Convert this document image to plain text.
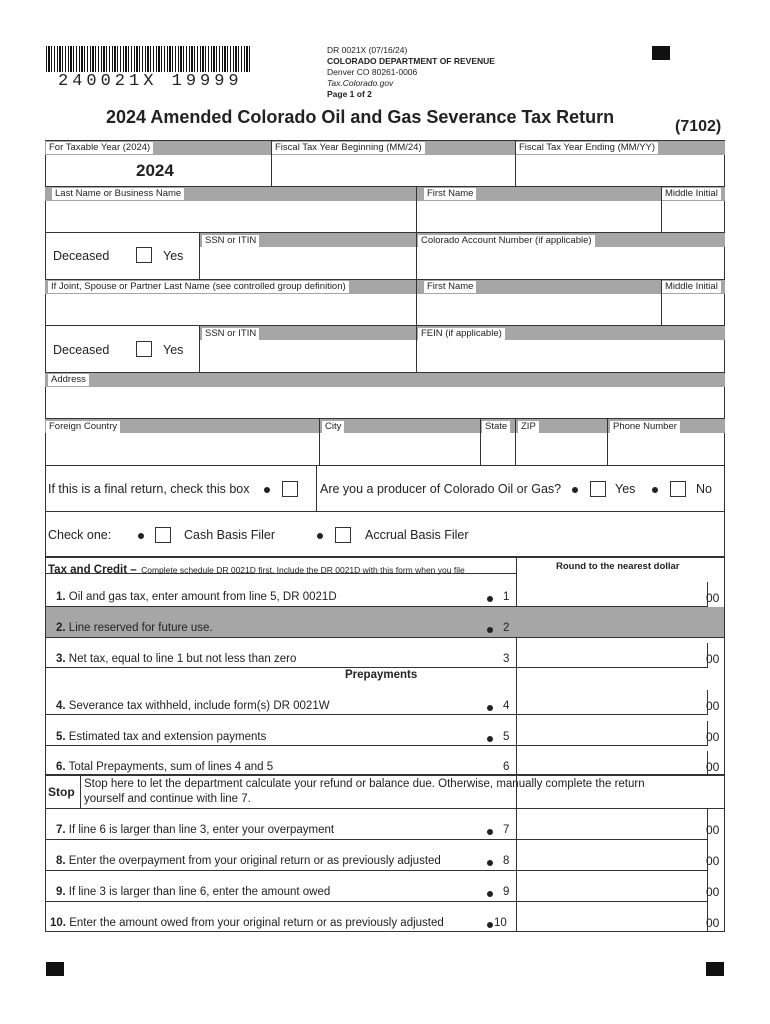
240021X 19999
DR 0021X (07/16/24)
COLORADO DEPARTMENT OF REVENUE
Denver CO 80261-0006
Tax.Colorado.gov
Page 1 of 2
2024 Amended Colorado Oil and Gas Severance Tax Return	(7102)
For Taxable Year (2024)	Fiscal Tax Year Beginning (MM/24)	Fiscal Tax Year Ending (MM/YY)
2024
Last Name or Business Name	First Name	Middle Initial
SSN or ITIN	Colorado Account Number (if applicable)
Deceased	Yes
If Joint, Spouse or Partner Last Name (see controlled group definition)	First Name	Middle Initial
SSN or ITIN	FEIN (if applicable)
Deceased	Yes
Address
Foreign Country	City	State	ZIP	Phone Number
If this is a final return, check this box	Are you a producer of Colorado Oil or Gas?	Yes	No
Check one:	Cash Basis Filer	Accrual Basis Filer
Tax and Credit – Complete schedule DR 0021D first. Include the DR 0021D with this form when you file	Round to the nearest dollar
1. Oil and gas tax, enter amount from line 5, DR 0021D	1	00
2. Line reserved for future use.	2
3. Net tax, equal to line 1 but not less than zero	3	00
Prepayments
4. Severance tax withheld, include form(s) DR 0021W	4	00
5. Estimated tax and extension payments	5	00
6. Total Prepayments, sum of lines 4 and 5	6	00
Stop
Stop here to let the department calculate your refund or balance due. Otherwise, manually complete the return
yourself and continue with line 7.
7. If line 6 is larger than line 3, enter your overpayment	7	00
8. Enter the overpayment from your original return or as previously adjusted	8	00
9. If line 3 is larger than line 6, enter the amount owed	9	00
10. Enter the amount owed from your original return or as previously adjusted	10	00
